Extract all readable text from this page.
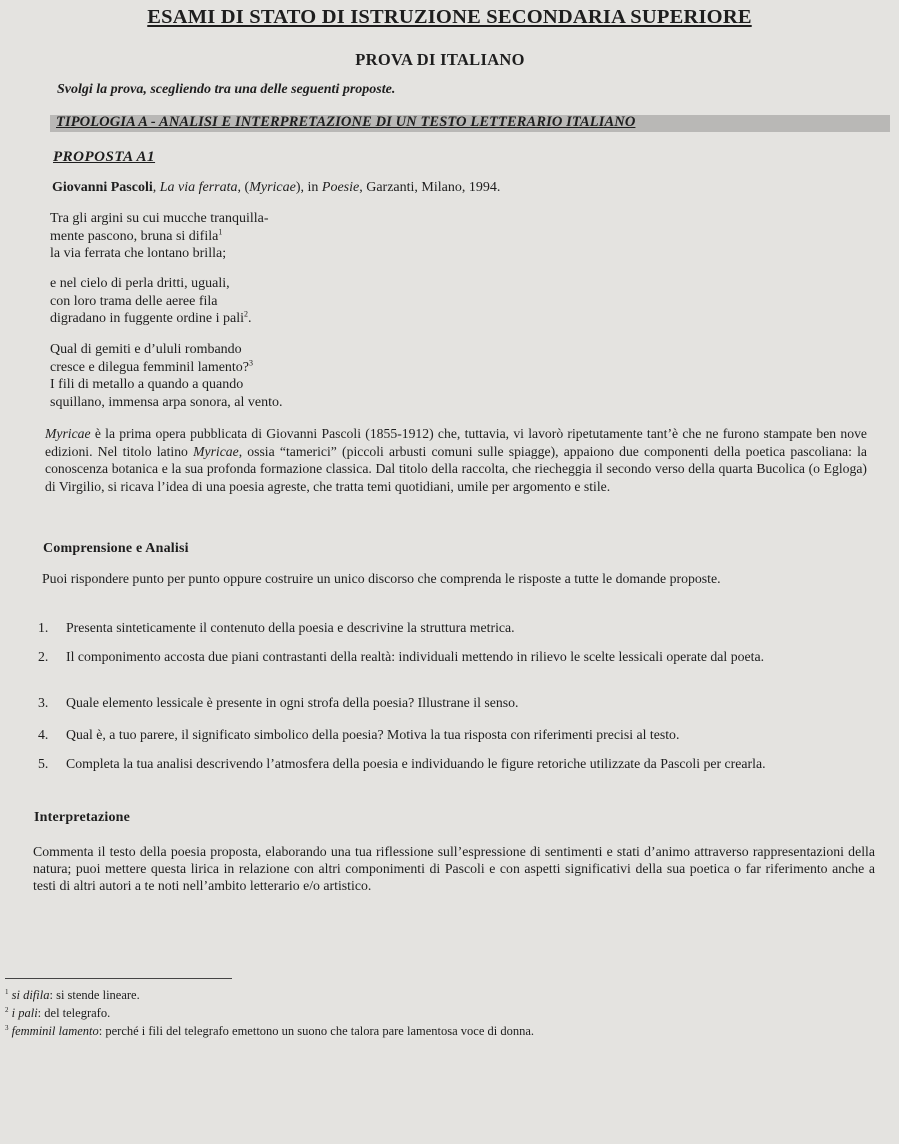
ESAMI DI STATO DI ISTRUZIONE SECONDARIA SUPERIORE
PROVA DI ITALIANO
Svolgi la prova, scegliendo tra una delle seguenti proposte.
TIPOLOGIA A - ANALISI E INTERPRETAZIONE DI UN TESTO LETTERARIO ITALIANO
PROPOSTA A1
Giovanni Pascoli, La via ferrata, (Myricae), in Poesie, Garzanti, Milano, 1994.
Tra gli argini su cui mucche tranquilla-
mente pascono, bruna si difila$^1$
la via ferrata che lontano brilla;
e nel cielo di perla dritti, uguali,
con loro trama delle aeree fila
digradano in fuggente ordine i pali$^2$.
Qual di gemiti e d’ululi rombando
cresce e dilegua femminil lamento?$^3$
I fili di metallo a quando a quando
squillano, immensa arpa sonora, al vento.
Myricae è la prima opera pubblicata di Giovanni Pascoli (1855-1912) che, tuttavia, vi lavorò ripetutamente tant’è che ne furono stampate ben nove edizioni. Nel titolo latino Myricae, ossia “tamerici” (piccoli arbusti comuni sulle spiagge), appaiono due componenti della poetica pascoliana: la conoscenza botanica e la sua profonda formazione classica. Dal titolo della raccolta, che riecheggia il secondo verso della quarta Bucolica (o Egloga) di Virgilio, si ricava l’idea di una poesia agreste, che tratta temi quotidiani, umile per argomento e stile.
Comprensione e Analisi
Puoi rispondere punto per punto oppure costruire un unico discorso che comprenda le risposte a tutte le domande proposte.
1. Presenta sinteticamente il contenuto della poesia e descrivine la struttura metrica.
2. Il componimento accosta due piani contrastanti della realtà: individuali mettendo in rilievo le scelte lessicali operate dal poeta.
3. Quale elemento lessicale è presente in ogni strofa della poesia? Illustrane il senso.
4. Qual è, a tuo parere, il significato simbolico della poesia? Motiva la tua risposta con riferimenti precisi al testo.
5. Completa la tua analisi descrivendo l’atmosfera della poesia e individuando le figure retoriche utilizzate da Pascoli per crearla.
Interpretazione
Commenta il testo della poesia proposta, elaborando una tua riflessione sull’espressione di sentimenti e stati d’animo attraverso rappresentazioni della natura; puoi mettere questa lirica in relazione con altri componimenti di Pascoli e con aspetti significativi della sua poetica o far riferimento anche a testi di altri autori a te noti nell’ambito letterario e/o artistico.
$^1$ si difila: si stende lineare.
$^2$ i pali: del telegrafo.
$^3$ femminil lamento: perché i fili del telegrafo emettono un suono che talora pare lamentosa voce di donna.
